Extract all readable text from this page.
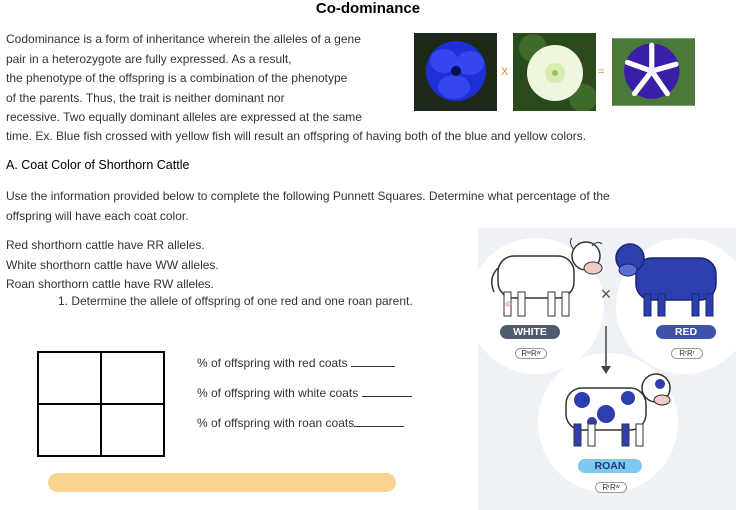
Co-dominance
Codominance is a form of inheritance wherein the alleles of a gene
pair in a heterozygote are fully expressed. As a result,
the phenotype of the offspring is a combination of the phenotype
of the parents. Thus, the trait is neither dominant nor
recessive. Two equally dominant alleles are expressed at the same
time. Ex. Blue fish crossed with yellow fish will result an offspring of having both of the blue and yellow colors.
X	=
A. Coat Color of Shorthorn Cattle
Use the information provided below to complete the following Punnett Squares. Determine what percentage of the
offspring will have each coat color.
Red shorthorn cattle have RR alleles.
White shorthorn cattle have WW alleles.
Roan shorthorn cattle have RW alleles.
1. Determine the allele of offspring of one red and one roan parent.
% of offspring with red coats
% of offspring with white coats
% of offspring with roan coats
×
WHITE
RʷRʷ
RED
RʳRʳ
ROAN
RʳRʷ
